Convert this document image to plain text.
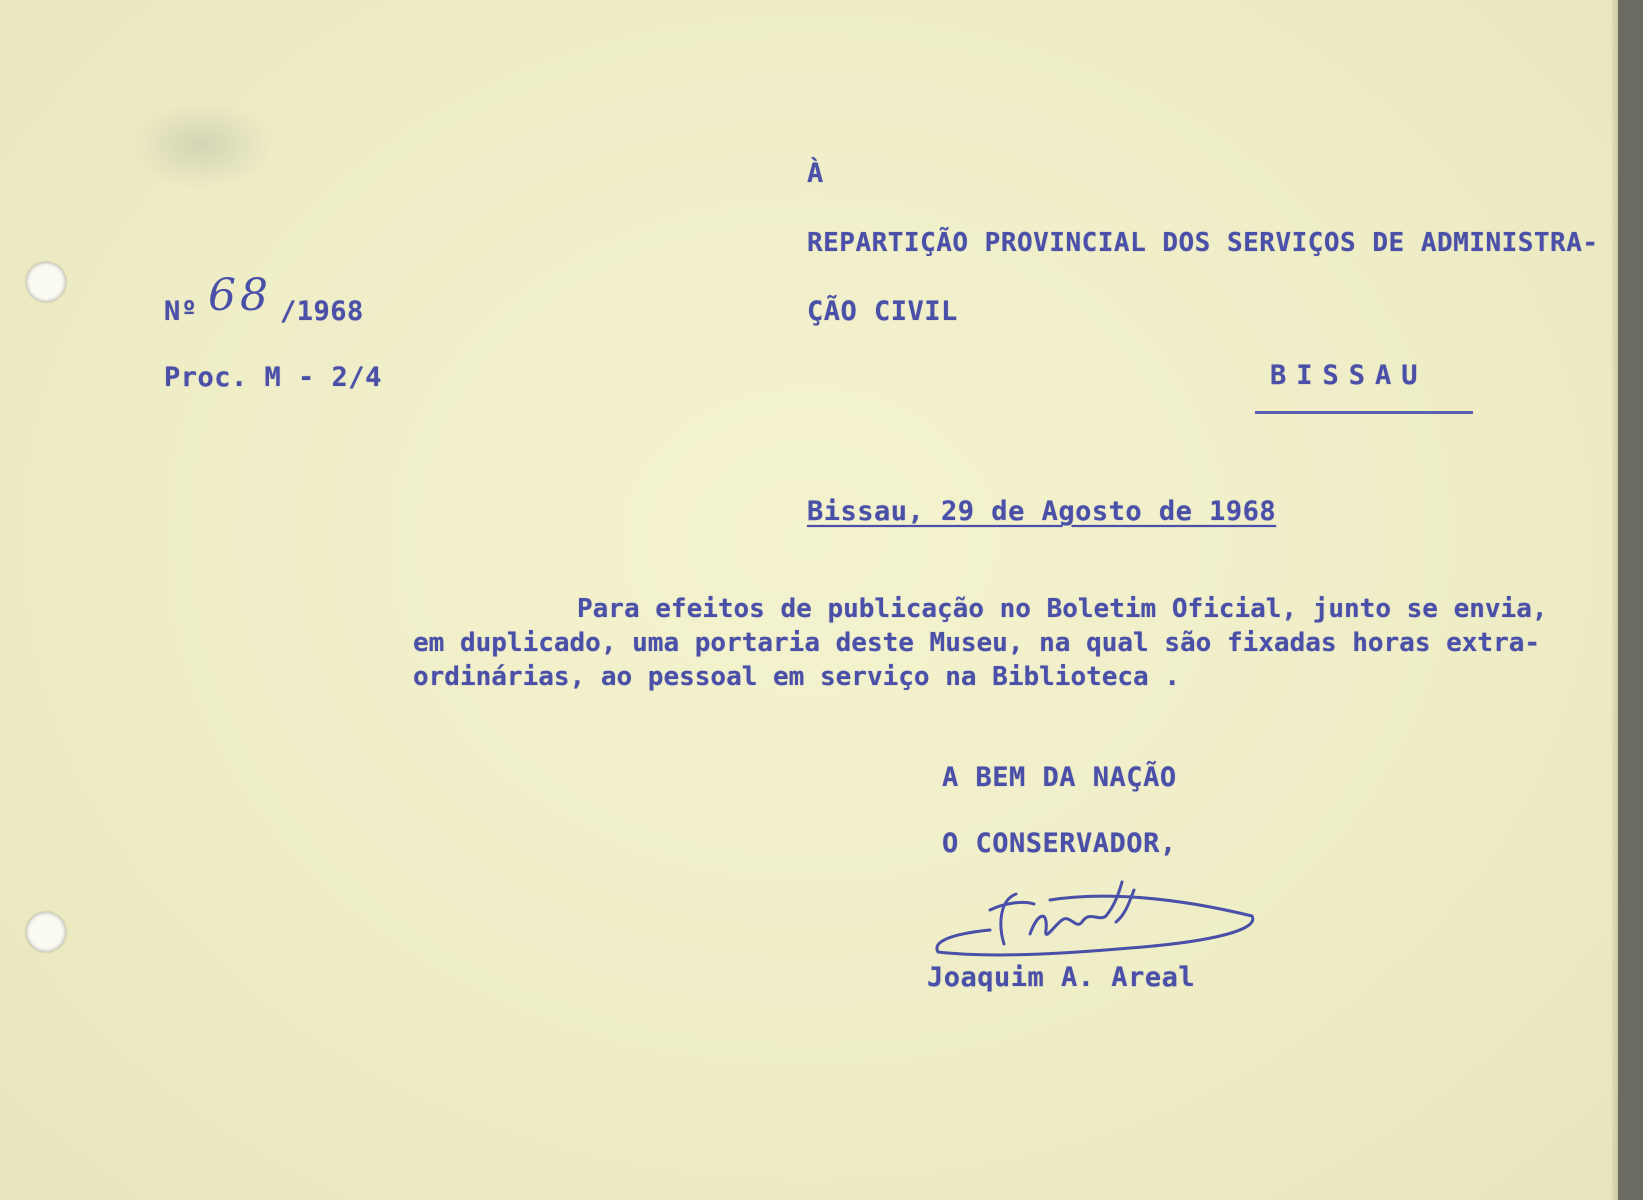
À

REPARTIÇÃO PROVINCIAL DOS SERVIÇOS DE ADMINISTRA-

ÇÃO CIVIL

BISSAU

Nº 68 /1968

Proc. M - 2/4

Bissau, 29 de Agosto de 1968

Para efeitos de publicação no Boletim Oficial, junto se envia,
em duplicado, uma portaria deste Museu, na qual são fixadas horas extra-
ordinárias, ao pessoal em serviço na Biblioteca .

A BEM DA NAÇÃO

O CONSERVADOR,

Joaquim A. Areal
